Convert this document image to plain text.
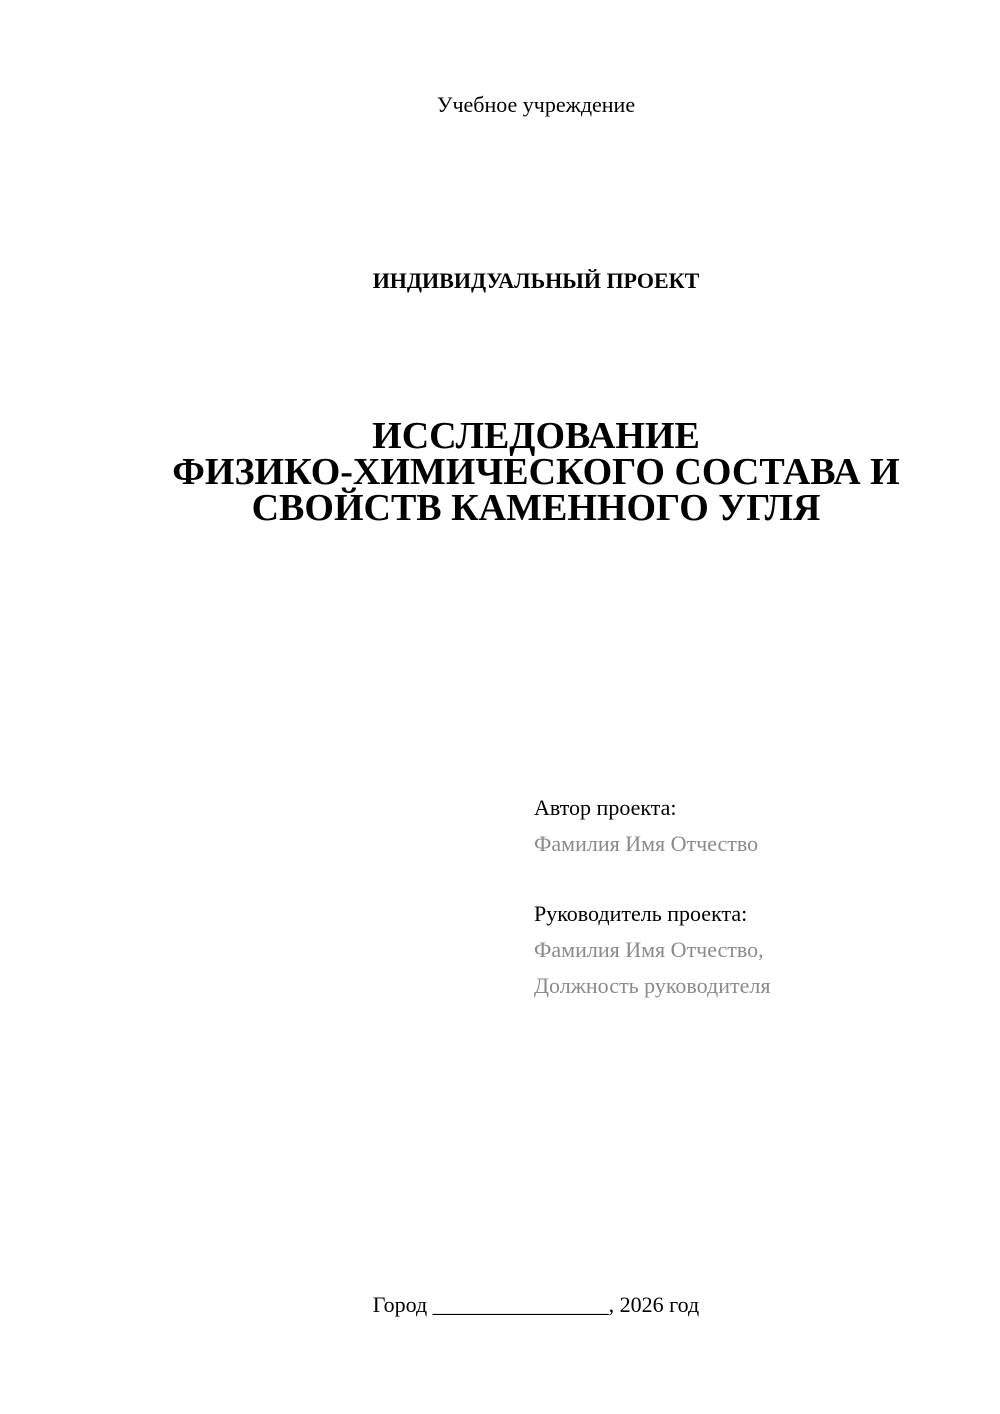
Учебное учреждение
ИНДИВИДУАЛЬНЫЙ ПРОЕКТ
ИССЛЕДОВАНИЕ
ФИЗИКО-ХИМИЧЕСКОГО СОСТАВА И
СВОЙСТВ КАМЕННОГО УГЛЯ
Автор проекта:
Фамилия Имя Отчество
Руководитель проекта:
Фамилия Имя Отчество,
Должность руководителя
Город ________________, 2026 год
